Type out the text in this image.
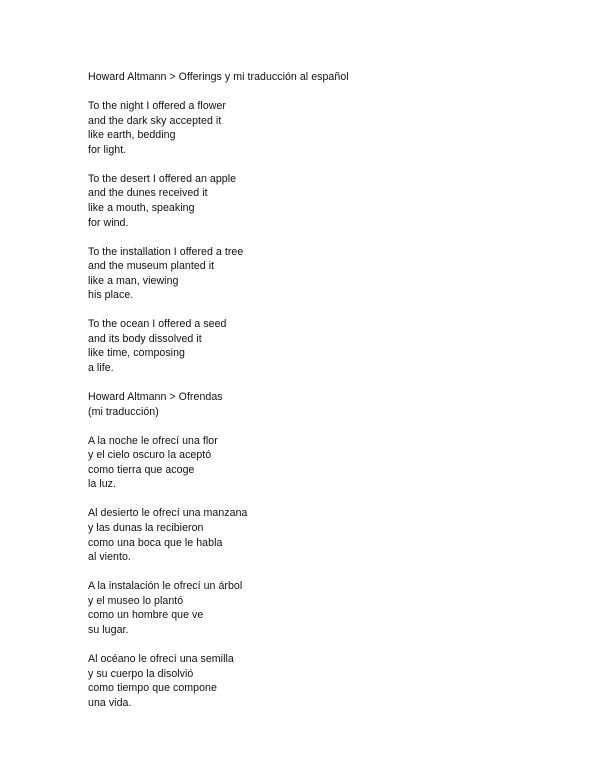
Howard Altmann > Offerings y mi traducción al español
To the night I offered a flower
and the dark sky accepted it
like earth, bedding
for light.
To the desert I offered an apple
and the dunes received it
like a mouth, speaking
for wind.
To the installation I offered a tree
and the museum planted it
like a man, viewing
his place.
To the ocean I offered a seed
and its body dissolved it
like time, composing
a life.
Howard Altmann > Ofrendas
(mi traducción)
A la noche le ofrecí una flor
y el cielo oscuro la aceptó
como tierra que acoge
la luz.
Al desierto le ofrecí una manzana
y las dunas la recibieron
como una boca que le habla
al viento.
A la instalación le ofrecí un árbol
y el museo lo plantó
como un hombre que ve
su lugar.
Al océano le ofrecí una semilla
y su cuerpo la disolvió
como tiempo que compone
una vida.
